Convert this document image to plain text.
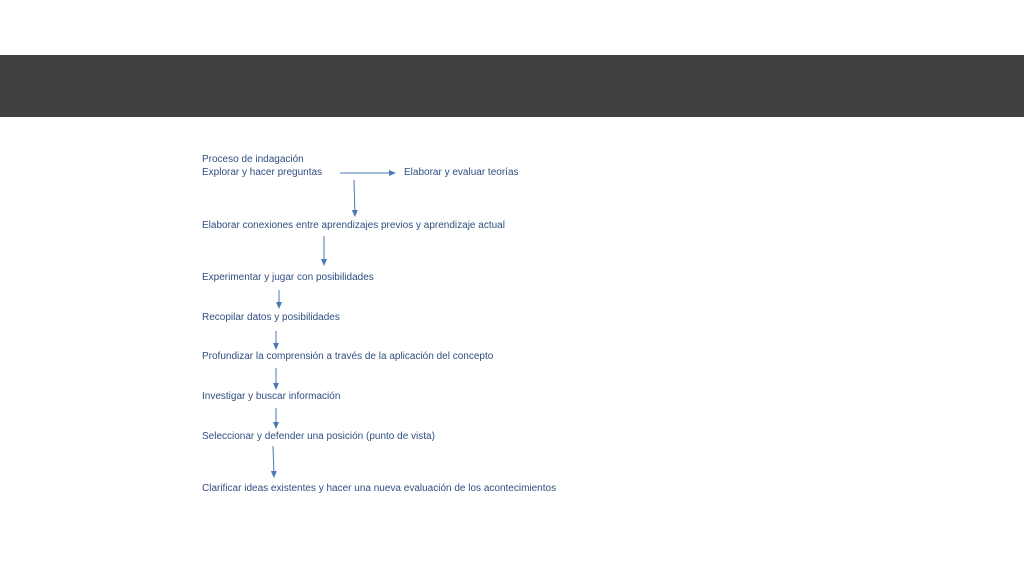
Proceso de indagación
Explorar y hacer preguntas	Elaborar y evaluar teorías
Elaborar conexiones entre aprendizajes previos y aprendizaje actual
Experimentar y jugar con posibilidades
Recopilar datos y posibilidades
Profundizar la comprensión a través de la aplicación del concepto
Investigar y buscar información
Seleccionar y defender una posición (punto de vista)
Clarificar ideas existentes y hacer una nueva evaluación de los acontecimientos
